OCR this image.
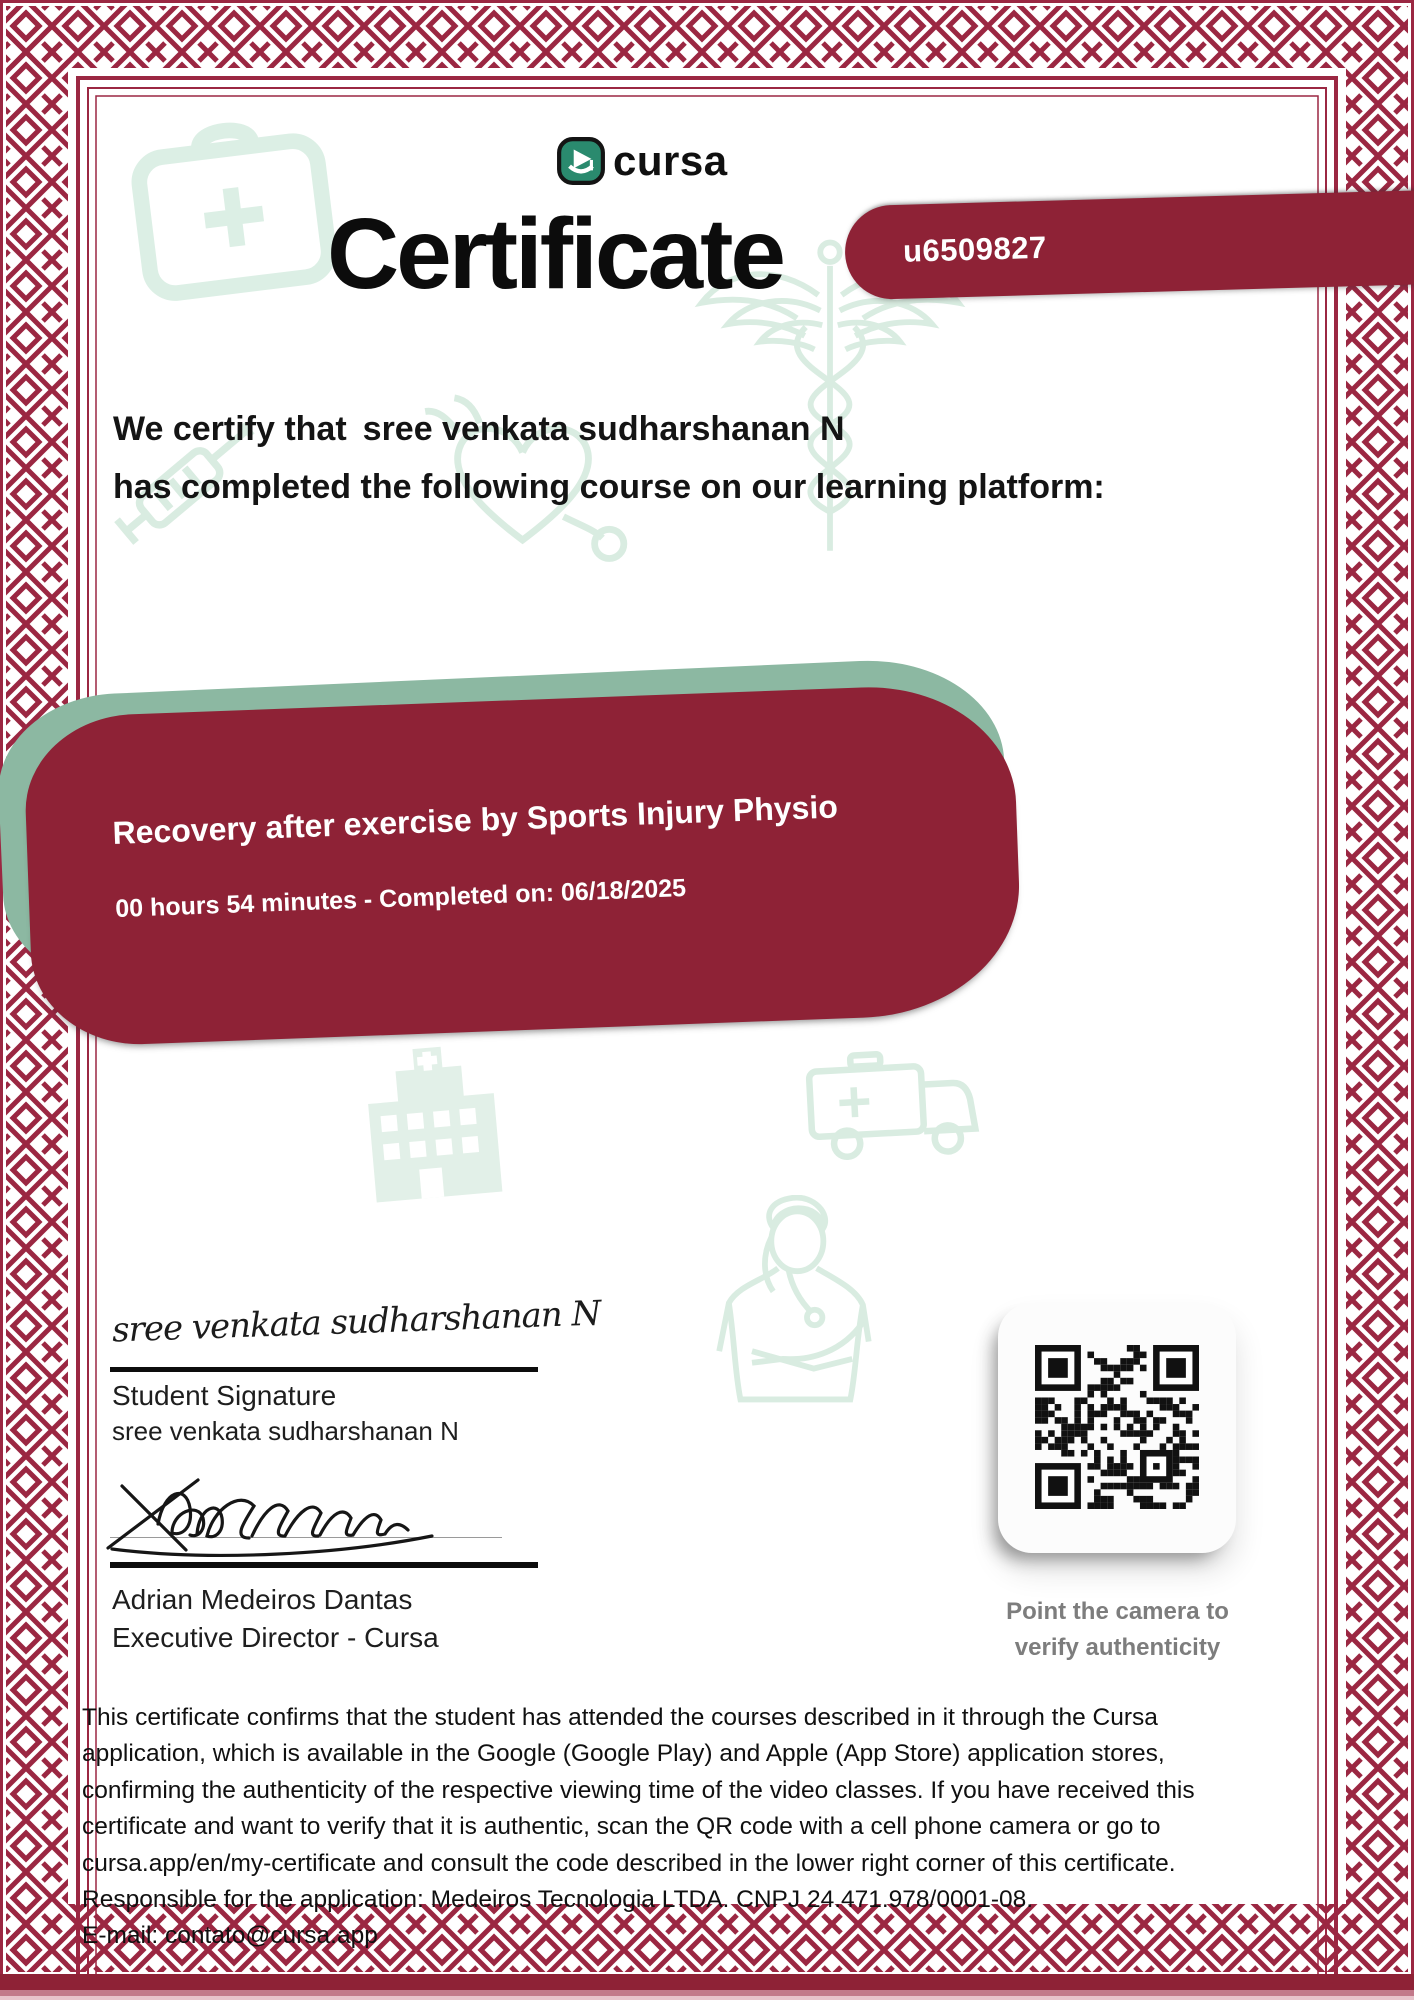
cursa
Certificate	u6509827
We certify that sree venkata sudharshanan N
has completed the following course on our learning platform:
Recovery after exercise by Sports Injury Physio
00 hours 54 minutes - Completed on: 06/18/2025
sree venkata sudharshanan N
Student Signature
sree venkata sudharshanan N
Adrian Medeiros Dantas
Executive Director - Cursa
Point the camera to
verify authenticity
This certificate confirms that the student has attended the courses described in it through the Cursa
application, which is available in the Google (Google Play) and Apple (App Store) application stores,
confirming the authenticity of the respective viewing time of the video classes. If you have received this
certificate and want to verify that it is authentic, scan the QR code with a cell phone camera or go to
cursa.app/en/my-certificate and consult the code described in the lower right corner of this certificate.
Responsible for the application: Medeiros Tecnologia LTDA. CNPJ 24.471.978/0001-08.
E-mail: contato@cursa.app
